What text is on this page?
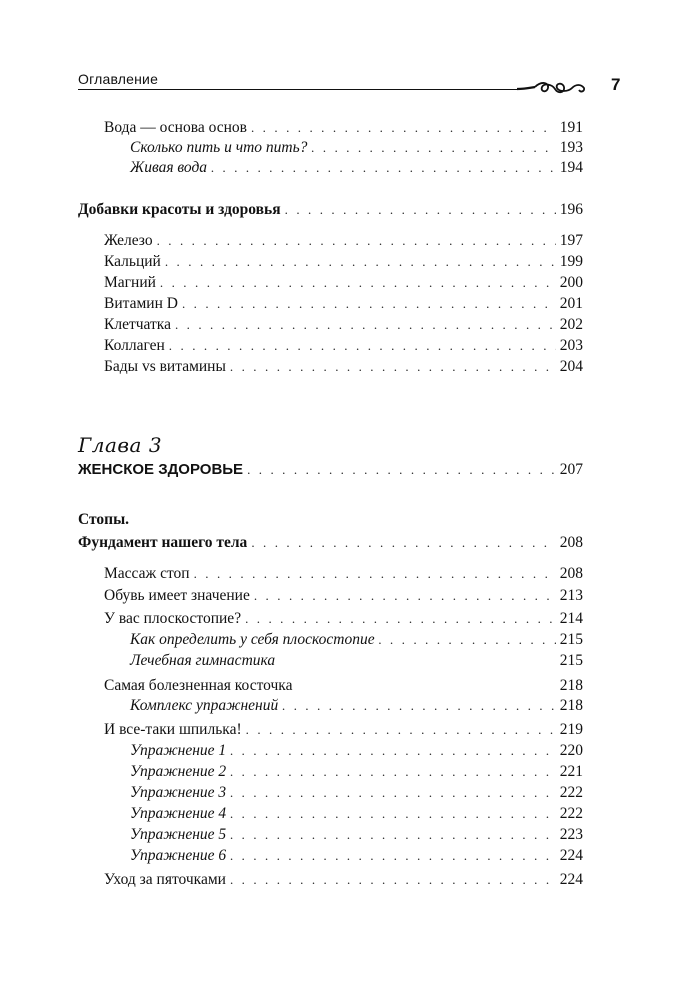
Оглавление	7
Вода — основа основ . . .	191
Сколько пить и что пить? . . .	193
Живая вода . . .	194
Добавки красоты и здоровья . . .	196
Железо . . .	197
Кальций . . .	199
Магний . . .	200
Витамин D . . .	201
Клетчатка . . .	202
Коллаген . . .	203
Бады vs витамины . . .	204
Глава 3
ЖЕНСКОЕ ЗДОРОВЬЕ . . .	207
Стопы.
Фундамент нашего тела . . .	208
Массаж стоп . . .	208
Обувь имеет значение . . .	213
У вас плоскостопие? . . .	214
Как определить у себя плоскостопие . . .	215
Лечебная гимнастика	215
Самая болезненная косточка	218
Комплекс упражнений . . .	218
И все-таки шпилька! . . .	219
Упражнение 1 . . .	220
Упражнение 2 . . .	221
Упражнение 3 . . .	222
Упражнение 4 . . .	222
Упражнение 5 . . .	223
Упражнение 6 . . .	224
Уход за пяточками . . .	224
